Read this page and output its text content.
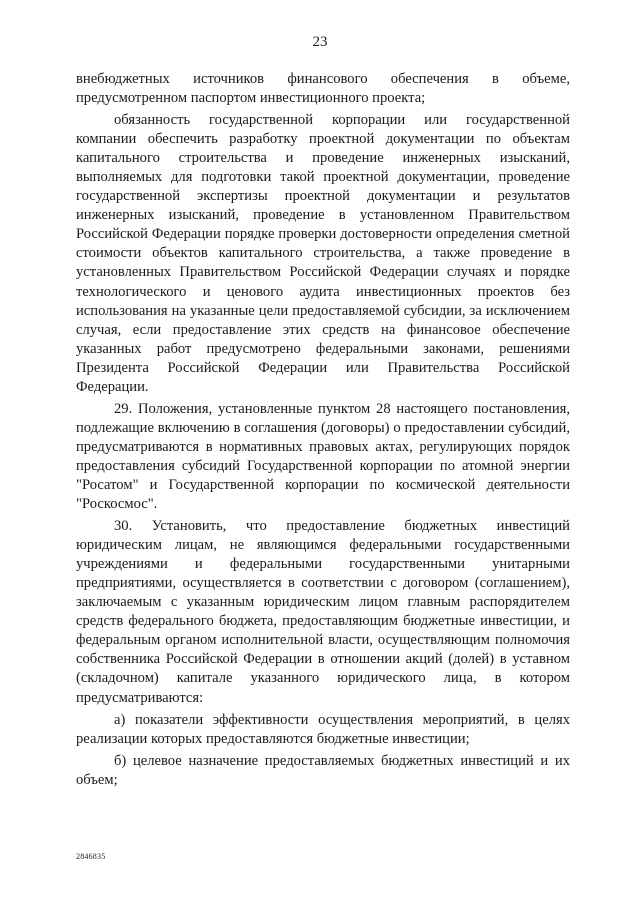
23

внебюджетных источников финансового обеспечения в объеме, предусмотренном паспортом инвестиционного проекта;

обязанность государственной корпорации или государственной компании обеспечить разработку проектной документации по объектам капитального строительства и проведение инженерных изысканий, выполняемых для подготовки такой проектной документации, проведение государственной экспертизы проектной документации и результатов инженерных изысканий, проведение в установленном Правительством Российской Федерации порядке проверки достоверности определения сметной стоимости объектов капитального строительства, а также проведение в установленных Правительством Российской Федерации случаях и порядке технологического и ценового аудита инвестиционных проектов без использования на указанные цели предоставляемой субсидии, за исключением случая, если предоставление этих средств на финансовое обеспечение указанных работ предусмотрено федеральными законами, решениями Президента Российской Федерации или Правительства Российской Федерации.

29. Положения, установленные пунктом 28 настоящего постановления, подлежащие включению в соглашения (договоры) о предоставлении субсидий, предусматриваются в нормативных правовых актах, регулирующих порядок предоставления субсидий Государственной корпорации по атомной энергии "Росатом" и Государственной корпорации по космической деятельности "Роскосмос".

30. Установить, что предоставление бюджетных инвестиций юридическим лицам, не являющимся федеральными государственными учреждениями и федеральными государственными унитарными предприятиями, осуществляется в соответствии с договором (соглашением), заключаемым с указанным юридическим лицом главным распорядителем средств федерального бюджета, предоставляющим бюджетные инвестиции, и федеральным органом исполнительной власти, осуществляющим полномочия собственника Российской Федерации в отношении акций (долей) в уставном (складочном) капитале указанного юридического лица, в котором предусматриваются:

а) показатели эффективности осуществления мероприятий, в целях реализации которых предоставляются бюджетные инвестиции;

б) целевое назначение предоставляемых бюджетных инвестиций и их объем;

2846835
